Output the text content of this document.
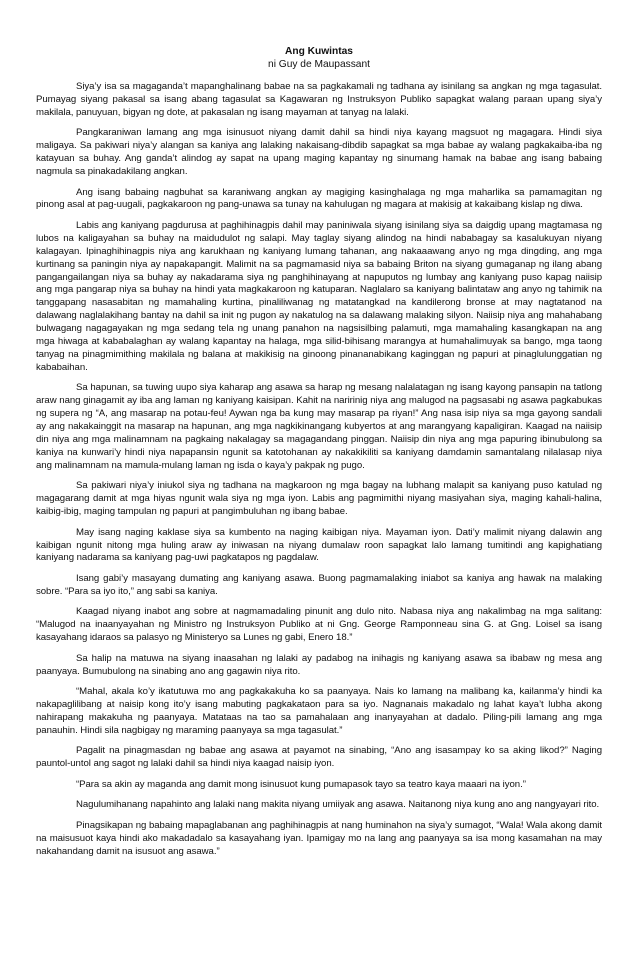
Ang Kuwintas

ni Guy de Maupassant

Siya’y isa sa magaganda’t mapanghalinang babae na sa pagkakamali ng tadhana ay isinilang sa angkan ng mga tagasulat. Pumayag siyang pakasal sa isang abang tagasulat sa Kagawaran ng Instruksyon Publiko sapagkat walang paraan upang siya’y makilala, panuyuan, bigyan ng dote, at pakasalan ng isang mayaman at tanyag na lalaki.

Pangkaraniwan lamang ang mga isinusuot niyang damit dahil sa hindi niya kayang magsuot ng magagara. Hindi siya maligaya. Sa pakiwari niya’y alangan sa kaniya ang lalaking nakaisang-dibdib sapagkat sa mga babae ay walang pagkakaiba-iba ng katayuan sa buhay. Ang ganda’t alindog ay sapat na upang maging kapantay ng sinumang hamak na babae ang isang babaing nagmula sa pinakadakilang angkan.

Ang isang babaing nagbuhat sa karaniwang angkan ay magiging kasinghalaga ng mga maharlika sa pamamagitan ng pinong asal at pag-uugali, pagkakaroon ng pang-unawa sa tunay na kahulugan ng magara at makisig at kakaibang kislap ng diwa.

Labis ang kaniyang pagdurusa at paghihinagpis dahil may paniniwala siyang isinilang siya sa daigdig upang magtamasa ng lubos na kaligayahan sa buhay na maidudulot ng salapi. May taglay siyang alindog na hindi nababagay sa kasalukuyan niyang kalagayan. Ipinaghihinagpis niya ang karukhaan ng kaniyang lumang tahanan, ang nakaaawang anyo ng mga dingding, ang mga kurtinang sa paningin niya ay napakapangit. Malimit na sa pagmamasid niya sa babaing Briton na siyang gumaganap ng ilang abang pangangailangan niya sa buhay ay nakadarama siya ng panghihinayang at napuputos ng lumbay ang kaniyang puso kapag naiisip ang mga pangarap niya sa buhay na hindi yata magkakaroon ng katuparan. Naglalaro sa kaniyang balintataw ang anyo ng tahimik na tanggapang nasasabitan ng mamahaling kurtina, pinaliliwanag ng matatangkad na kandilerong bronse at may nagtatanod na dalawang naglalakihang bantay na dahil sa init ng pugon ay nakatulog na sa dalawang malaking silyon. Naiisip niya ang mahahabang bulwagang nagagayakan ng mga sedang tela ng unang panahon na nagsisilbing palamuti, mga mamahaling kasangkapan na ang mga hiwaga at kababalaghan ay walang kapantay na halaga, mga silid-bihisang marangya at humahalimuyak sa bango, mga taong tanyag na pinagmimithing makilala ng balana at makikisig na ginoong pinananabikang kaginggan ng papuri at pinaglulunggatian ng kababaihan.

Sa hapunan, sa tuwing uupo siya kaharap ang asawa sa harap ng mesang nalalatagan ng isang kayong pansapin na tatlong araw nang ginagamit ay iba ang laman ng kaniyang kaisipan. Kahit na naririnig niya ang malugod na pagsasabi ng asawa pagkabukas ng supera ng “A, ang masarap na potau-feu! Aywan nga ba kung may masarap pa riyan!” Ang nasa isip niya sa mga gayong sandali ay ang nakakainggit na masarap na hapunan, ang mga nagkikinangang kubyertos at ang marangyang kapaligiran. Kaagad na naiisip din niya ang mga malinamnam na pagkaing nakalagay sa magagandang pinggan. Naiisip din niya ang mga papuring ibinubulong sa kaniya na kunwari’y hindi niya napapansin ngunit sa katotohanan ay nakakikiliti sa kaniyang damdamin samantalang nilalasap niya ang malinamnam na mamula-mulang laman ng isda o kaya’y pakpak ng pugo.

Sa pakiwari niya’y iniukol siya ng tadhana na magkaroon ng mga bagay na lubhang malapit sa kaniyang puso katulad ng magagarang damit at mga hiyas ngunit wala siya ng mga iyon. Labis ang pagmimithi niyang masiyahan siya, maging kahali-halina, kaibig-ibig, maging tampulan ng papuri at pangimbuluhan ng ibang babae.

May isang naging kaklase siya sa kumbento na naging kaibigan niya. Mayaman iyon. Dati’y malimit niyang dalawin ang kaibigan ngunit nitong mga huling araw ay iniwasan na niyang dumalaw roon sapagkat lalo lamang tumitindi ang kapighatiang kaniyang nadarama sa kaniyang pag-uwi pagkatapos ng pagdalaw.

Isang gabi’y masayang dumating ang kaniyang asawa. Buong pagmamalaking iniabot sa kaniya ang hawak na malaking sobre. “Para sa iyo ito,” ang sabi sa kaniya.

Kaagad niyang inabot ang sobre at nagmamadaling pinunit ang dulo nito. Nabasa niya ang nakalimbag na mga salitang: “Malugod na inaanyayahan ng Ministro ng Instruksyon Publiko at ni Gng. George Ramponneau sina G. at Gng. Loisel sa isang kasayahang idaraos sa palasyo ng Ministeryo sa Lunes ng gabi, Enero 18.”

Sa halip na matuwa na siyang inaasahan ng lalaki ay padabog na inihagis ng kaniyang asawa sa ibabaw ng mesa ang paanyaya. Bumubulong na sinabing ano ang gagawin niya rito.

“Mahal, akala ko’y ikatutuwa mo ang pagkakakuha ko sa paanyaya. Nais ko lamang na malibang ka, kailanma’y hindi ka nakapaglilibang at naisip kong ito’y isang mabuting pagkakataon para sa iyo. Nagnanais makadalo ng lahat kaya’t lubha akong nahirapang makakuha ng paanyaya. Matataas na tao sa pamahalaan ang inanyayahan at dadalo. Piling-pili lamang ang mga panauhin. Hindi sila nagbigay ng maraming paanyaya sa mga tagasulat.”

Pagalit na pinagmasdan ng babae ang asawa at payamot na sinabing, “Ano ang isasampay ko sa aking likod?” Naging pauntol-untol ang sagot ng lalaki dahil sa hindi niya kaagad naisip iyon.

“Para sa akin ay maganda ang damit mong isinusuot kung pumapasok tayo sa teatro kaya maaari na iyon.”

Nagulumihanang napahinto ang lalaki nang makita niyang umiiyak ang asawa. Naitanong niya kung ano ang nangyayari rito.

Pinagsikapan ng babaing mapaglabanan ang paghihinagpis at nang huminahon na siya’y sumagot, “Wala! Wala akong damit na maisusuot kaya hindi ako makadadalo sa kasayahang iyan. Ipamigay mo na lang ang paanyaya sa isa mong kasamahan na may nakahandang damit na isusuot ang asawa.”
